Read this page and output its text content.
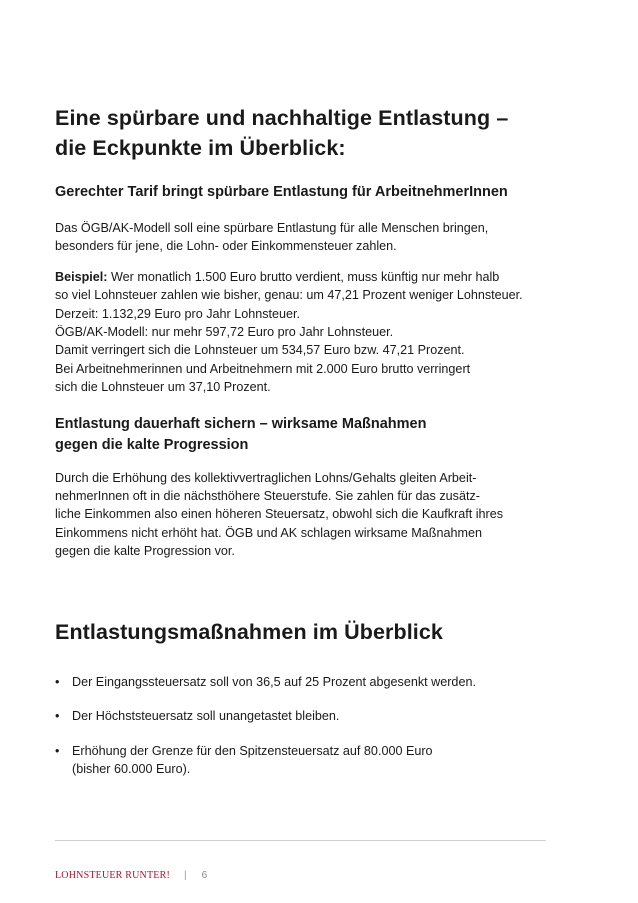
Eine spürbare und nachhaltige Entlastung –
die Eckpunkte im Überblick:
Gerechter Tarif bringt spürbare Entlastung für ArbeitnehmerInnen

Das ÖGB/AK-Modell soll eine spürbare Entlastung für alle Menschen bringen,
besonders für jene, die Lohn- oder Einkommensteuer zahlen.

Beispiel: Wer monatlich 1.500 Euro brutto verdient, muss künftig nur mehr halb
so viel Lohnsteuer zahlen wie bisher, genau: um 47,21 Prozent weniger Lohnsteuer.
Derzeit: 1.132,29 Euro pro Jahr Lohnsteuer.
ÖGB/AK-Modell: nur mehr 597,72 Euro pro Jahr Lohnsteuer.
Damit verringert sich die Lohnsteuer um 534,57 Euro bzw. 47,21 Prozent.
Bei Arbeitnehmerinnen und Arbeitnehmern mit 2.000 Euro brutto verringert
sich die Lohnsteuer um 37,10 Prozent.

Entlastung dauerhaft sichern – wirksame Maßnahmen
gegen die kalte Progression

Durch die Erhöhung des kollektivvertraglichen Lohns/Gehalts gleiten Arbeit-
nehmerInnen oft in die nächsthöhere Steuerstufe. Sie zahlen für das zusätz-
liche Einkommen also einen höheren Steuersatz, obwohl sich die Kaufkraft ihres
Einkommens nicht erhöht hat. ÖGB und AK schlagen wirksame Maßnahmen
gegen die kalte Progression vor.

Entlastungsmaßnahmen im Überblick
• Der Eingangssteuersatz soll von 36,5 auf 25 Prozent abgesenkt werden.
• Der Höchststeuersatz soll unangetastet bleiben.
• Erhöhung der Grenze für den Spitzensteuersatz auf 80.000 Euro
(bisher 60.000 Euro).
LOHNSTEUER RUNTER! | 6
